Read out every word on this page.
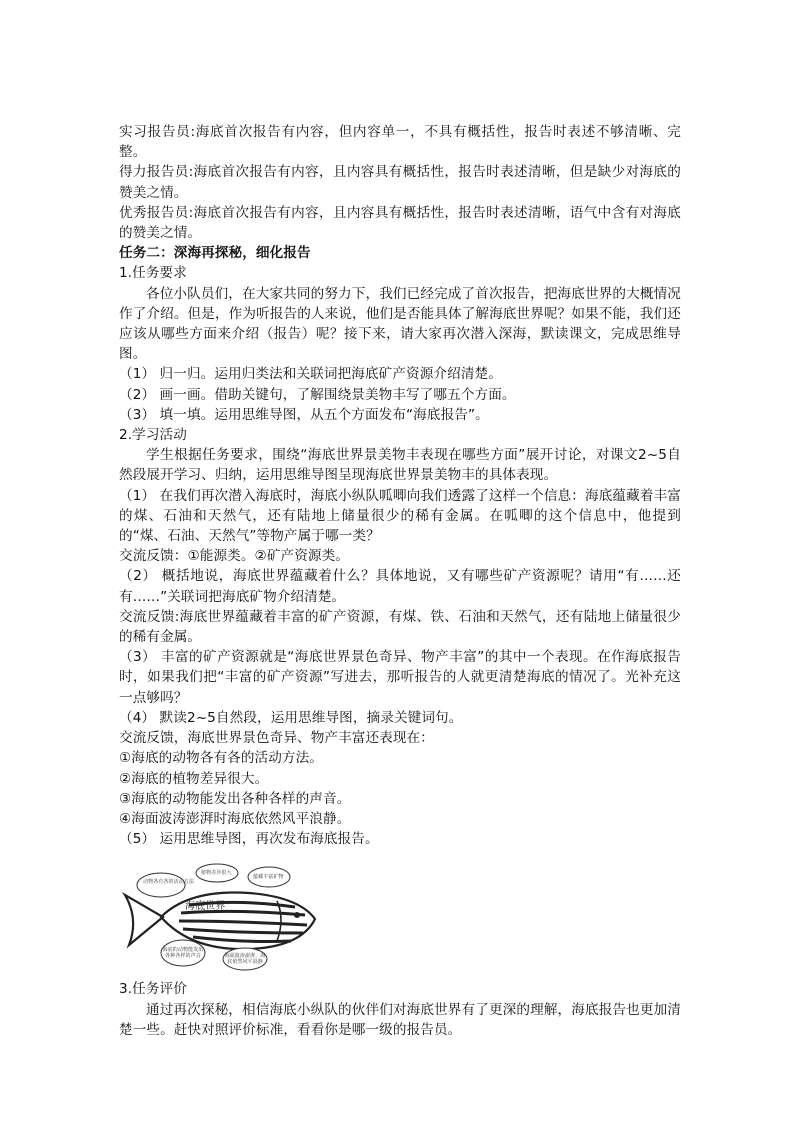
实习报告员:海底首次报告有内容，但内容单一，不具有概括性，报告时表述不够清晰、完整。

得力报告员:海底首次报告有内容，且内容具有概括性，报告时表述清晰，但是缺少对海底的赞美之情。

优秀报告员:海底首次报告有内容，且内容具有概括性，报告时表述清晰，语气中含有对海底的赞美之情。

任务二：深海再探秘，细化报告

1.任务要求

各位小队员们，在大家共同的努力下，我们已经完成了首次报告，把海底世界的大概情况作了介绍。但是，作为听报告的人来说，他们是否能具体了解海底世界呢？如果不能，我们还应该从哪些方面来介绍（报告）呢？接下来，请大家再次潜入深海，默读课文，完成思维导图。

（1） 归一归。运用归类法和关联词把海底矿产资源介绍清楚。

（2） 画一画。借助关键句，了解围绕景美物丰写了哪五个方面。

（3） 填一填。运用思维导图，从五个方面发布“海底报告”。

2.学习活动

学生根据任务要求，围绕“海底世界景美物丰表现在哪些方面”展开讨论，对课文2~5自然段展开学习、归纳，运用思维导图呈现海底世界景美物丰的具体表现。

（1） 在我们再次潜入海底时，海底小纵队呱唧向我们透露了这样一个信息：海底蕴藏着丰富的煤、石油和天然气，还有陆地上储量很少的稀有金属。在呱唧的这个信息中，他提到的“煤、石油、天然气”等物产属于哪一类？

交流反馈：①能源类。②矿产资源类。

（2） 概括地说，海底世界蕴藏着什么？具体地说，又有哪些矿产资源呢？请用“有……还有……”关联词把海底矿物介绍清楚。

交流反馈:海底世界蕴藏着丰富的矿产资源，有煤、铁、石油和天然气，还有陆地上储量很少的稀有金属。

（3） 丰富的矿产资源就是“海底世界景色奇异、物产丰富”的其中一个表现。在作海底报告时，如果我们把“丰富的矿产资源”写进去，那听报告的人就更清楚海底的情况了。光补充这一点够吗？

（4） 默读2~5自然段，运用思维导图，摘录关键词句。

交流反馈，海底世界景色奇异、物产丰富还表现在：

①海底的动物各有各的活动方法。

②海底的植物差异很大。

③海底的动物能发出各种各样的声音。

④海面波涛澎湃时海底依然风平浪静。

（5） 运用思维导图，再次发布海底报告。

动物各有各的活动方法
植物差异很大
蕴藏丰富矿物
海底世界
海底的动物能发出各种各样的声音	海面波涛澎湃，海底依然风平浪静

3.任务评价

通过再次探秘，相信海底小纵队的伙伴们对海底世界有了更深的理解，海底报告也更加清楚一些。赶快对照评价标准，看看你是哪一级的报告员。
